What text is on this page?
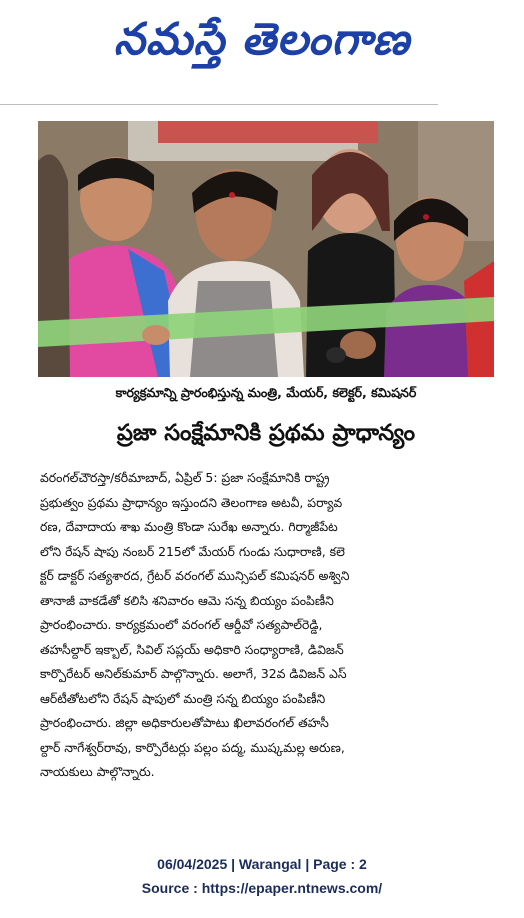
నమస్తే తెలంగాణ
కార్యక్రమాన్ని ప్రారంభిస్తున్న మంత్రి, మేయర్, కలెక్టర్, కమిషనర్
ప్రజా సంక్షేమానికి ప్రథమ ప్రాధాన్యం
వరంగల్‌చౌరస్తా/కరీమాబాద్, ఏప్రిల్ 5: ప్రజా సంక్షేమానికి రాష్ట్ర
ప్రభుత్వం ప్రథమ ప్రాధాన్యం ఇస్తుందని తెలంగాణ అటవీ, పర్యావ
రణ, దేవాదాయ శాఖ మంత్రి కొండా సురేఖ అన్నారు. గిర్మాజీపేట
లోని రేషన్ షాపు నంబర్ 215లో మేయర్ గుండు సుధారాణి, కలె
క్టర్ డాక్టర్ సత్యశారద, గ్రేటర్ వరంగల్ మున్సిపల్ కమిషనర్ అశ్విని
తానాజీ వాకడేతో కలిసి శనివారం ఆమె సన్న బియ్యం పంపిణీని
ప్రారంభించారు. కార్యక్రమంలో వరంగల్ ఆర్డీవో సత్యపాల్‌రెడ్డి,
తహసీల్దార్ ఇక్బాల్, సివిల్ సప్లయ్ అధికారి సంధ్యారాణి, డివిజన్
కార్పొరేటర్ అనిల్‌కుమార్ పాల్గొన్నారు. అలాగే, 32వ డివిజన్ ఎస్
ఆర్‌టీతోటలోని రేషన్ షాపులో మంత్రి సన్న బియ్యం పంపిణీని
ప్రారంభించారు. జిల్లా అధికారులతోపాటు ఖిలావరంగల్ తహసీ
ల్దార్ నాగేశ్వర్‌రావు, కార్పొరేటర్లు పల్లం పద్మ, ముష్కమల్ల అరుణ,
నాయకులు పాల్గొన్నారు.
06/04/2025 | Warangal | Page : 2
Source : https://epaper.ntnews.com/
